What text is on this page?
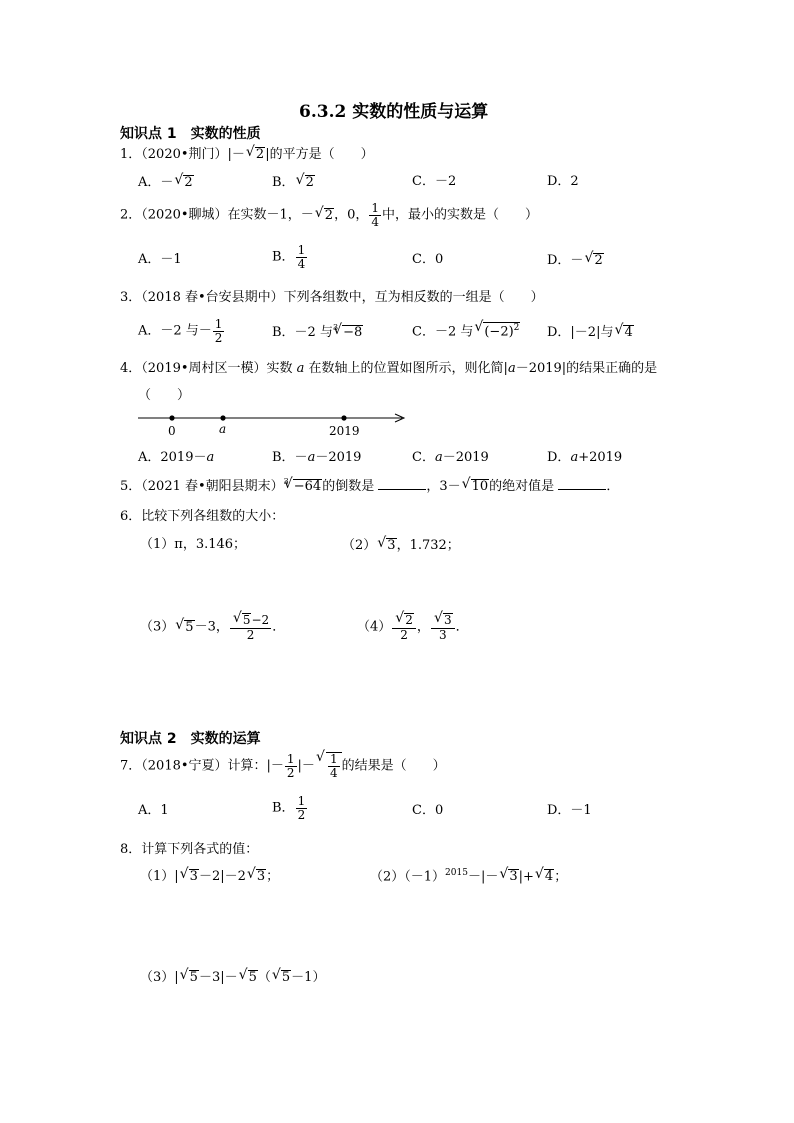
6.3.2 实数的性质与运算
知识点 1　实数的性质
1．（2020•荆门）|－√ 2|的平方是（　　）
A．－√ 2	B．√ 2	C．－2	D．2
2．（2020•聊城）在实数－1，－√ 2，0， $\frac{1}{4}$ 中，最小的实数是（　　）
A．－1	B． $\frac{1}{4}$	C．0	D．－√ 2
3．（2018 春•台安县期中）下列各组数中，互为相反数的一组是（　　）
A．－2 与－ $\frac{1}{2}$	B．－2 与$^3$√ −8	C．－2 与√ $(-2)^2$ D．|－2|与√ 4
4．（2019•周村区一模）实数 a 在数轴上的位置如图所示，则化简|a－2019|的结果正确的是
（　　）
0	a	2019
A．2019－a	B．－a－2019	C．a－2019	D．a+2019
5．（2021 春•朝阳县期末）$^3$√ −64的倒数是	，3－√ 10的绝对值是	．
6．比较下列各组数的大小：
（1）π，3.146；	（2）√ 3，1.732；
（3）√ 5－3，
√ $\frac{5-2}{2}$ ．	（4）
√ $\frac{2}{2}$ ，
√ $\frac{3}{3}$ ．
知识点 2　实数的运算
7．（2018•宁夏）计算：|－ $\frac{1}{2}$ |－
√ $\frac{1}{4}$ 的结果是（　　）
A．1	B． $\frac{1}{2}$	C．0	D．－1
8．计算下列各式的值：
（1）|√ 3－2|－2√ 3；	$(2)(-1)^{2015}-|-√$ 3|+√ 4；
（3）|√ 5－3|－√ 5（√ 5－1）
